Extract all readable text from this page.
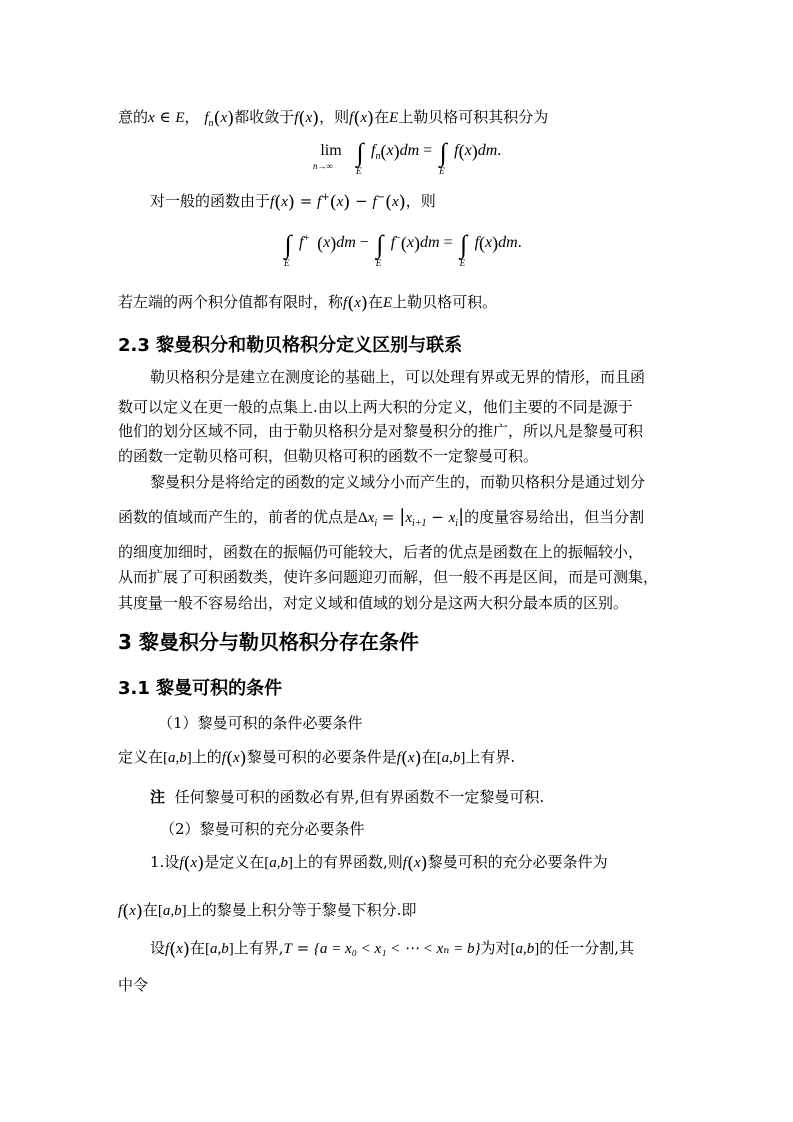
意的x ∈ E， $f_n(x)$都收敛于f(x)，则f(x)在E上勒贝格可积其积分为
lim
n→∞ ∫
E
$f_n(x)dm$ = ∫
E
f(x)dm.
对一般的函数由于f(x) = f+(x) − f−(x)，则
∫
E
f+ (x)dm − ∫
E
f−(x)dm = ∫
E
f(x)dm.
若左端的两个积分值都有限时，称f(x)在E上勒贝格可积。
2.3 黎曼积分和勒贝格积分定义区别与联系
勒贝格积分是建立在测度论的基础上，可以处理有界或无界的情形，而且函
数可以定义在更一般的点集上.由以上两大积的分定义，他们主要的不同是源于
他们的划分区域不同，由于勒贝格积分是对黎曼积分的推广，所以凡是黎曼可积
的函数一定勒贝格可积，但勒贝格可积的函数不一定黎曼可积。
黎曼积分是将给定的函数的定义域分小而产生的，而勒贝格积分是通过划分
函数的值域而产生的，前者的优点是$\Delta x_i = |x_{i+1} - x_i|$的度量容易给出，但当分割
的细度加细时，函数在的振幅仍可能较大，后者的优点是函数在上的振幅较小，
从而扩展了可积函数类，使许多问题迎刃而解，但一般不再是区间，而是可测集，
其度量一般不容易给出，对定义域和值域的划分是这两大积分最本质的区别。
3 黎曼积分与勒贝格积分存在条件
3.1 黎曼可积的条件
（1）黎曼可积的条件必要条件
定义在[a,b]上的f(x)黎曼可积的必要条件是f(x)在[a,b]上有界.
注 任何黎曼可积的函数必有界,但有界函数不一定黎曼可积.
（2）黎曼可积的充分必要条件
1.设f(x)是定义在[a,b]上的有界函数,则f(x)黎曼可积的充分必要条件为
f(x)在[a,b]上的黎曼上积分等于黎曼下积分.即
设f(x)在[a,b]上有界,T = {a = x₀ < x₁ < ⋯ < xₙ = b}为对[a,b]的任一分割,其
中令
